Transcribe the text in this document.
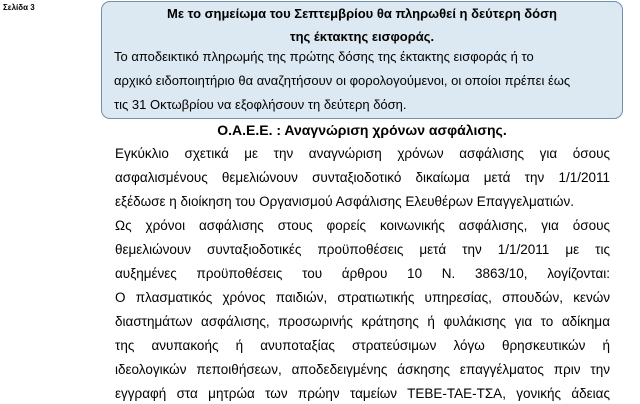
Σελίδα 3	Με το σημείωμα του Σεπτεμβρίου θα πληρωθεί η δεύτερη δόση
της έκτακτης εισφοράς.
Το αποδεικτικό πληρωμής της πρώτης δόσης της έκτακτης εισφοράς ή το
αρχικό ειδοποιητήριο θα αναζητήσουν οι φορολογούμενοι, οι οποίοι πρέπει έως
τις 31 Οκτωβρίου να εξοφλήσουν τη δεύτερη δόση.
Ο.Α.Ε.Ε. : Αναγνώριση χρόνων ασφάλισης.
Εγκύκλιο σχετικά με την αναγνώριση χρόνων ασφάλισης για όσους
ασφαλισμένους θεμελιώνουν συνταξιοδοτικό δικαίωμα μετά την 1/1/2011
εξέδωσε η διοίκηση του Οργανισμού Ασφάλισης Ελευθέρων Επαγγελματιών.
Ως χρόνοι ασφάλισης στους φορείς κοινωνικής ασφάλισης, για όσους
θεμελιώνουν συνταξιοδοτικές προϋποθέσεις μετά την 1/1/2011 με τις
αυξημένες προϋποθέσεις του άρθρου 10 Ν. 3863/10, λογίζονται:
Ο πλασματικός χρόνος παιδιών, στρατιωτικής υπηρεσίας, σπουδών, κενών
διαστημάτων ασφάλισης, προσωρινής κράτησης ή φυλάκισης για το αδίκημα
της ανυπακοής ή ανυποταξίας στρατεύσιμων λόγω θρησκευτικών ή
ιδεολογικών πεποιθήσεων, αποδεδειγμένης άσκησης επαγγέλματος πριν την
εγγραφή στα μητρώα των πρώην ταμείων ΤΕΒΕ-ΤΑΕ-ΤΣΑ, γονικής άδειας
